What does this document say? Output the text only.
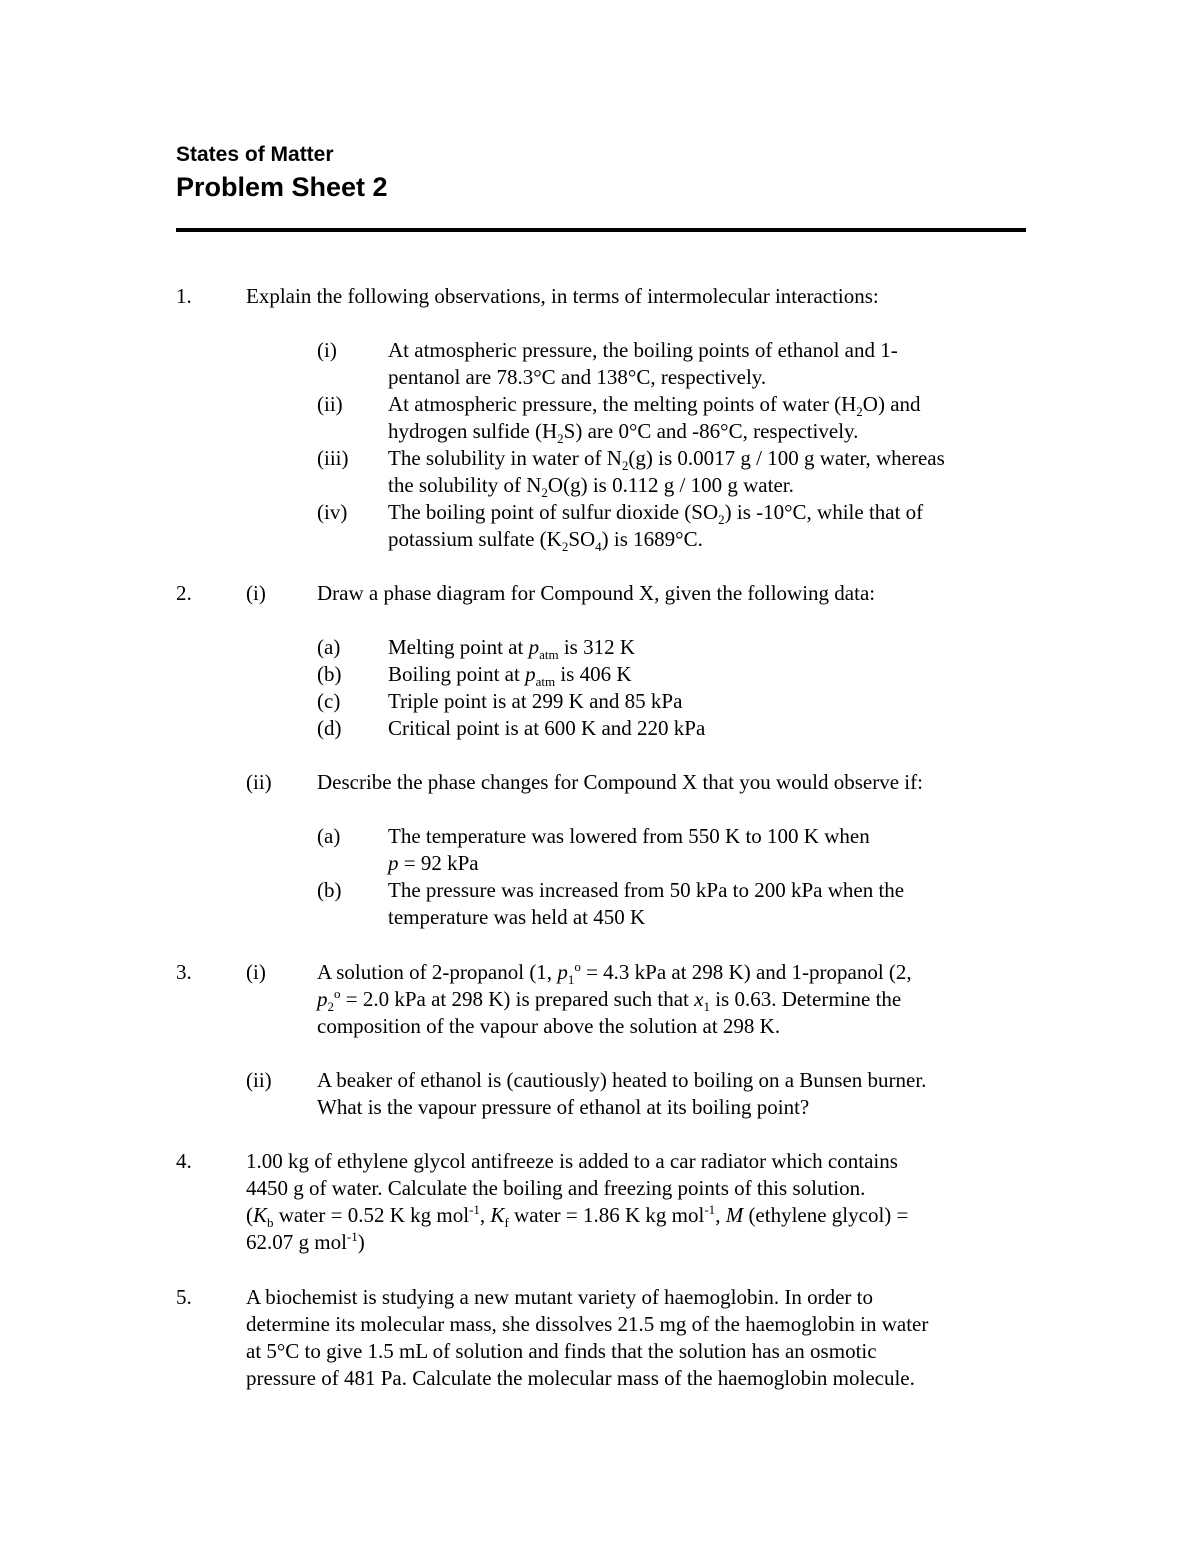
States of Matter
Problem Sheet 2
1.	Explain the following observations, in terms of intermolecular interactions:
(i) At atmospheric pressure, the boiling points of ethanol and 1-
pentanol are 78.3°C and 138°C, respectively.
(ii) At atmospheric pressure, the melting points of water $(H_2O)$ and
hydrogen sulfide $(H_2S)$ are 0°C and -86°C, respectively.
(iii) The solubility in water of $N_2(g)$ is 0.0017 g / 100 g water, whereas
the solubility of $N_2O(g)$ is 0.112 g / 100 g water.
(iv) The boiling point of sulfur dioxide $(SO_2)$ is -10°C, while that of
potassium sulfate $(K_2SO_4)$ is 1689°C.
2.	(i) Draw a phase diagram for Compound X, given the following data:
(a) Melting point at $p_{atm}$ is 312 K
(b) Boiling point at $p_{atm}$ is 406 K
(c) Triple point is at 299 K and 85 kPa
(d) Critical point is at 600 K and 220 kPa
(ii) Describe the phase changes for Compound X that you would observe if:
(a) The temperature was lowered from 550 K to 100 K when
p = 92 kPa
(b) The pressure was increased from 50 kPa to 200 kPa when the
temperature was held at 450 K
3.	(i) A solution of 2-propanol (1, $p_1^o = 4.3$ kPa at 298 K) and 1-propanol (2,
$p_2^o = 2.0$ kPa at 298 K) is prepared such that $x_1$ is 0.63. Determine the
composition of the vapour above the solution at 298 K.
(ii) A beaker of ethanol is (cautiously) heated to boiling on a Bunsen burner.
What is the vapour pressure of ethanol at its boiling point?
4.	1.00 kg of ethylene glycol antifreeze is added to a car radiator which contains
4450 g of water. Calculate the boiling and freezing points of this solution.
($K_b$ water = 0.52 K kg mol$^{-1}$, $K_f$ water = 1.86 K kg mol$^{-1}$, M (ethylene glycol) =
62.07 g mol$^{-1}$)
5.	A biochemist is studying a new mutant variety of haemoglobin. In order to
determine its molecular mass, she dissolves 21.5 mg of the haemoglobin in water
at 5°C to give 1.5 mL of solution and finds that the solution has an osmotic
pressure of 481 Pa. Calculate the molecular mass of the haemoglobin molecule.
